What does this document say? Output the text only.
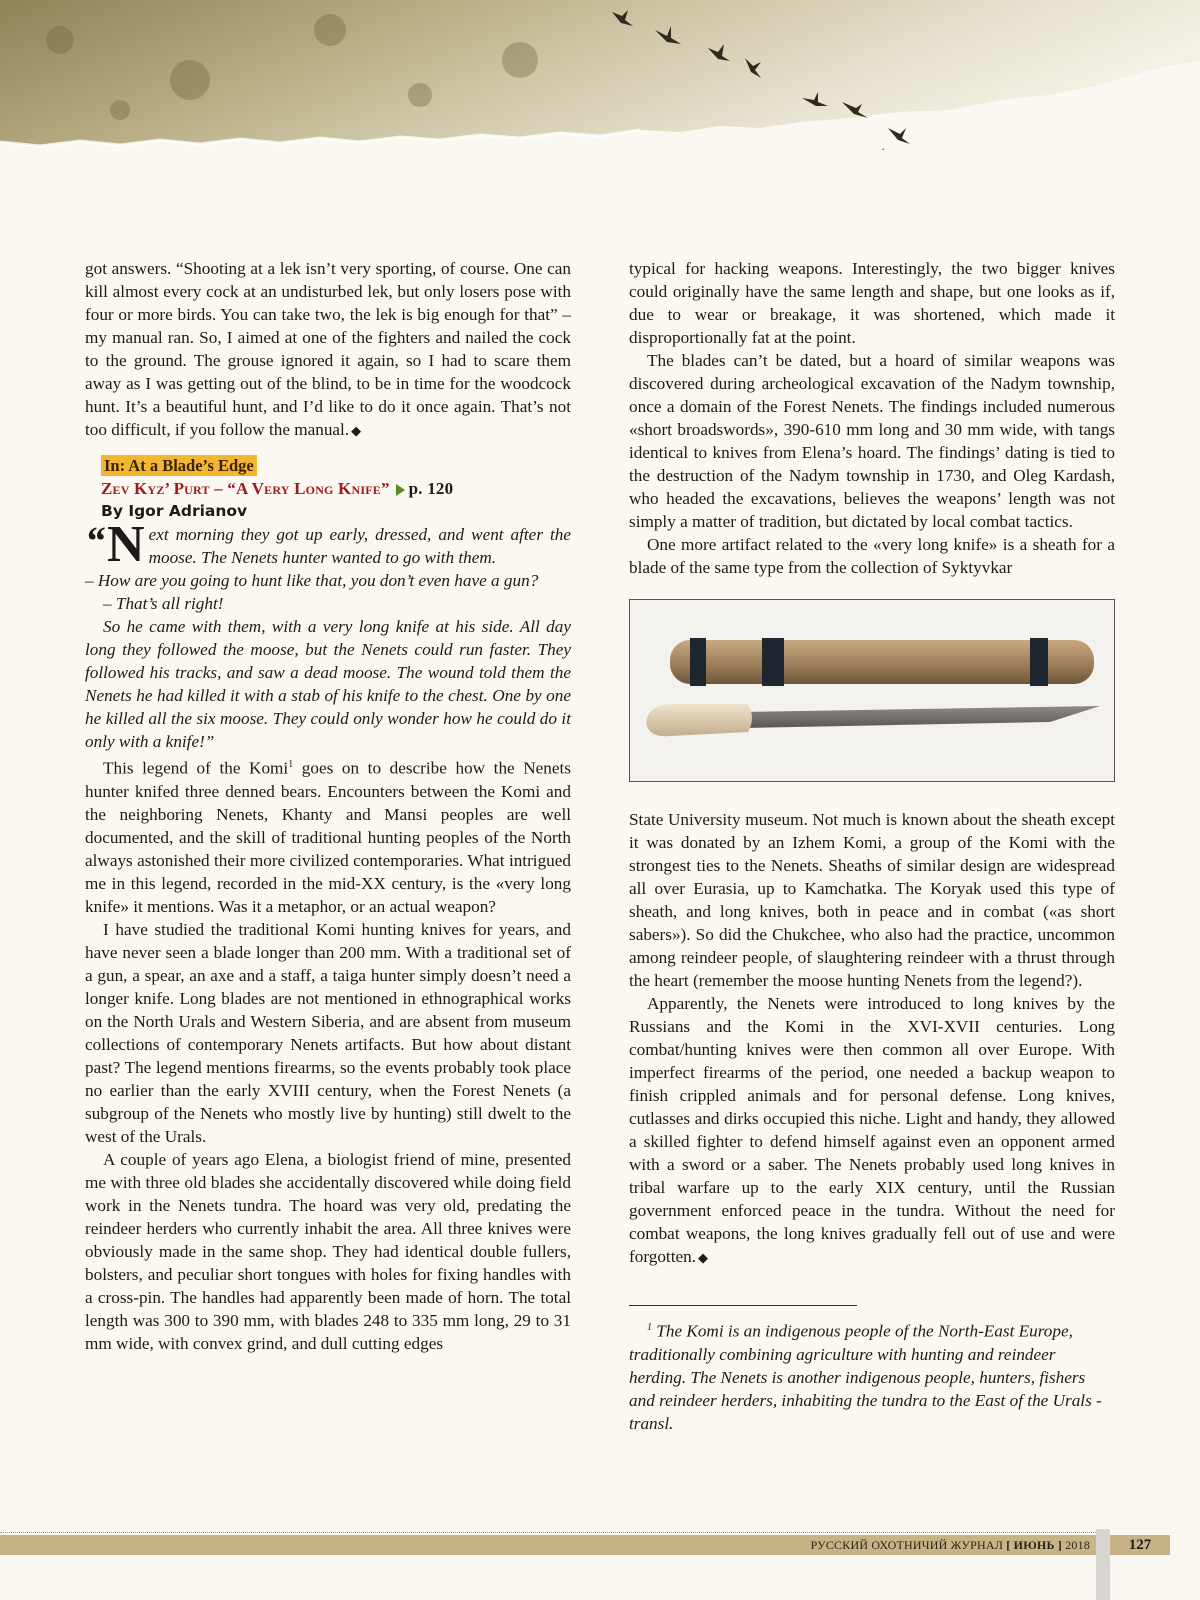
got answers. “Shooting at a lek isn’t very sporting, of course. One can kill almost every cock at an undisturbed lek, but only losers pose with four or more birds. You can take two, the lek is big enough for that” – my manual ran. So, I aimed at one of the fighters and nailed the cock to the ground. The grouse ignored it again, so I had to scare them away as I was getting out of the blind, to be in time for the woodcock hunt. It’s a beautiful hunt, and I’d like to do it once again. That’s not too difficult, if you follow the manual. ◆

In: At a Blade’s Edge
Zev Kyz’ Purt – “A Very Long Knife” p. 120
By Igor Adrianov

“ N ext morning they got up early, dressed, and went after the moose. The Nenets hunter wanted to go with them.

– How are you going to hunt like that, you don’t even have a gun?

– That’s all right!

So he came with them, with a very long knife at his side. All day long they followed the moose, but the Nenets could run faster. They followed his tracks, and saw a dead moose. The wound told them the Nenets he had killed it with a stab of his knife to the chest. One by one he killed all the six moose. They could only wonder how he could do it only with a knife!”

This legend of the Komi$^1$ goes on to describe how the Nenets hunter knifed three denned bears. Encounters between the Komi and the neighboring Nenets, Khanty and Mansi peoples are well documented, and the skill of traditional hunting peoples of the North always astonished their more civilized contemporaries. What intrigued me in this legend, recorded in the mid-XX century, is the «very long knife» it mentions. Was it a metaphor, or an actual weapon?

I have studied the traditional Komi hunting knives for years, and have never seen a blade longer than 200 mm. With a traditional set of a gun, a spear, an axe and a staff, a taiga hunter simply doesn’t need a longer knife. Long blades are not mentioned in ethnographical works on the North Urals and Western Siberia, and are absent from museum collections of contemporary Nenets artifacts. But how about distant past? The legend mentions firearms, so the events probably took place no earlier than the early XVIII century, when the Forest Nenets (a subgroup of the Nenets who mostly live by hunting) still dwelt to the west of the Urals.

A couple of years ago Elena, a biologist friend of mine, presented me with three old blades she accidentally discovered while doing field work in the Nenets tundra. The hoard was very old, predating the reindeer herders who currently inhabit the area. All three knives were obviously made in the same shop. They had identical double fullers, bolsters, and peculiar short tongues with holes for fixing handles with a cross-pin. The handles had apparently been made of horn. The total length was 300 to 390 mm, with blades 248 to 335 mm long, 29 to 31 mm wide, with convex grind, and dull cutting edges

typical for hacking weapons. Interestingly, the two bigger knives could originally have the same length and shape, but one looks as if, due to wear or breakage, it was shortened, which made it disproportionally fat at the point.

The blades can’t be dated, but a hoard of similar weapons was discovered during archeological excavation of the Nadym township, once a domain of the Forest Nenets. The findings included numerous «short broadswords», 390-610 mm long and 30 mm wide, with tangs identical to knives from Elena’s hoard. The findings’ dating is tied to the destruction of the Nadym township in 1730, and Oleg Kardash, who headed the excavations, believes the weapons’ length was not simply a matter of tradition, but dictated by local combat tactics.

One more artifact related to the «very long knife» is a sheath for a blade of the same type from the collection of Syktyvkar

State University museum. Not much is known about the sheath except it was donated by an Izhem Komi, a group of the Komi with the strongest ties to the Nenets. Sheaths of similar design are widespread all over Eurasia, up to Kamchatka. The Koryak used this type of sheath, and long knives, both in peace and in combat («as short sabers»). So did the Chukchee, who also had the practice, uncommon among reindeer people, of slaughtering reindeer with a thrust through the heart (remember the moose hunting Nenets from the legend?).

Apparently, the Nenets were introduced to long knives by the Russians and the Komi in the XVI-XVII centuries. Long combat/hunting knives were then common all over Europe. With imperfect firearms of the period, one needed a backup weapon to finish crippled animals and for personal defense. Long knives, cutlasses and dirks occupied this niche. Light and handy, they allowed a skilled fighter to defend himself against even an opponent armed with a sword or a saber. The Nenets probably used long knives in tribal warfare up to the early XIX century, until the Russian government enforced peace in the tundra. Without the need for combat weapons, the long knives gradually fell out of use and were forgotten. ◆

$^1$ The Komi is an indigenous people of the North-East Europe, traditionally combining agriculture with hunting and reindeer herding. The Nenets is another indigenous people, hunters, fishers and reindeer herders, inhabiting the tundra to the East of the Urals - transl.

РУССКИЙ ОХОТНИЧИЙ ЖУРНАЛ [ ИЮНЬ ] 2018	127
